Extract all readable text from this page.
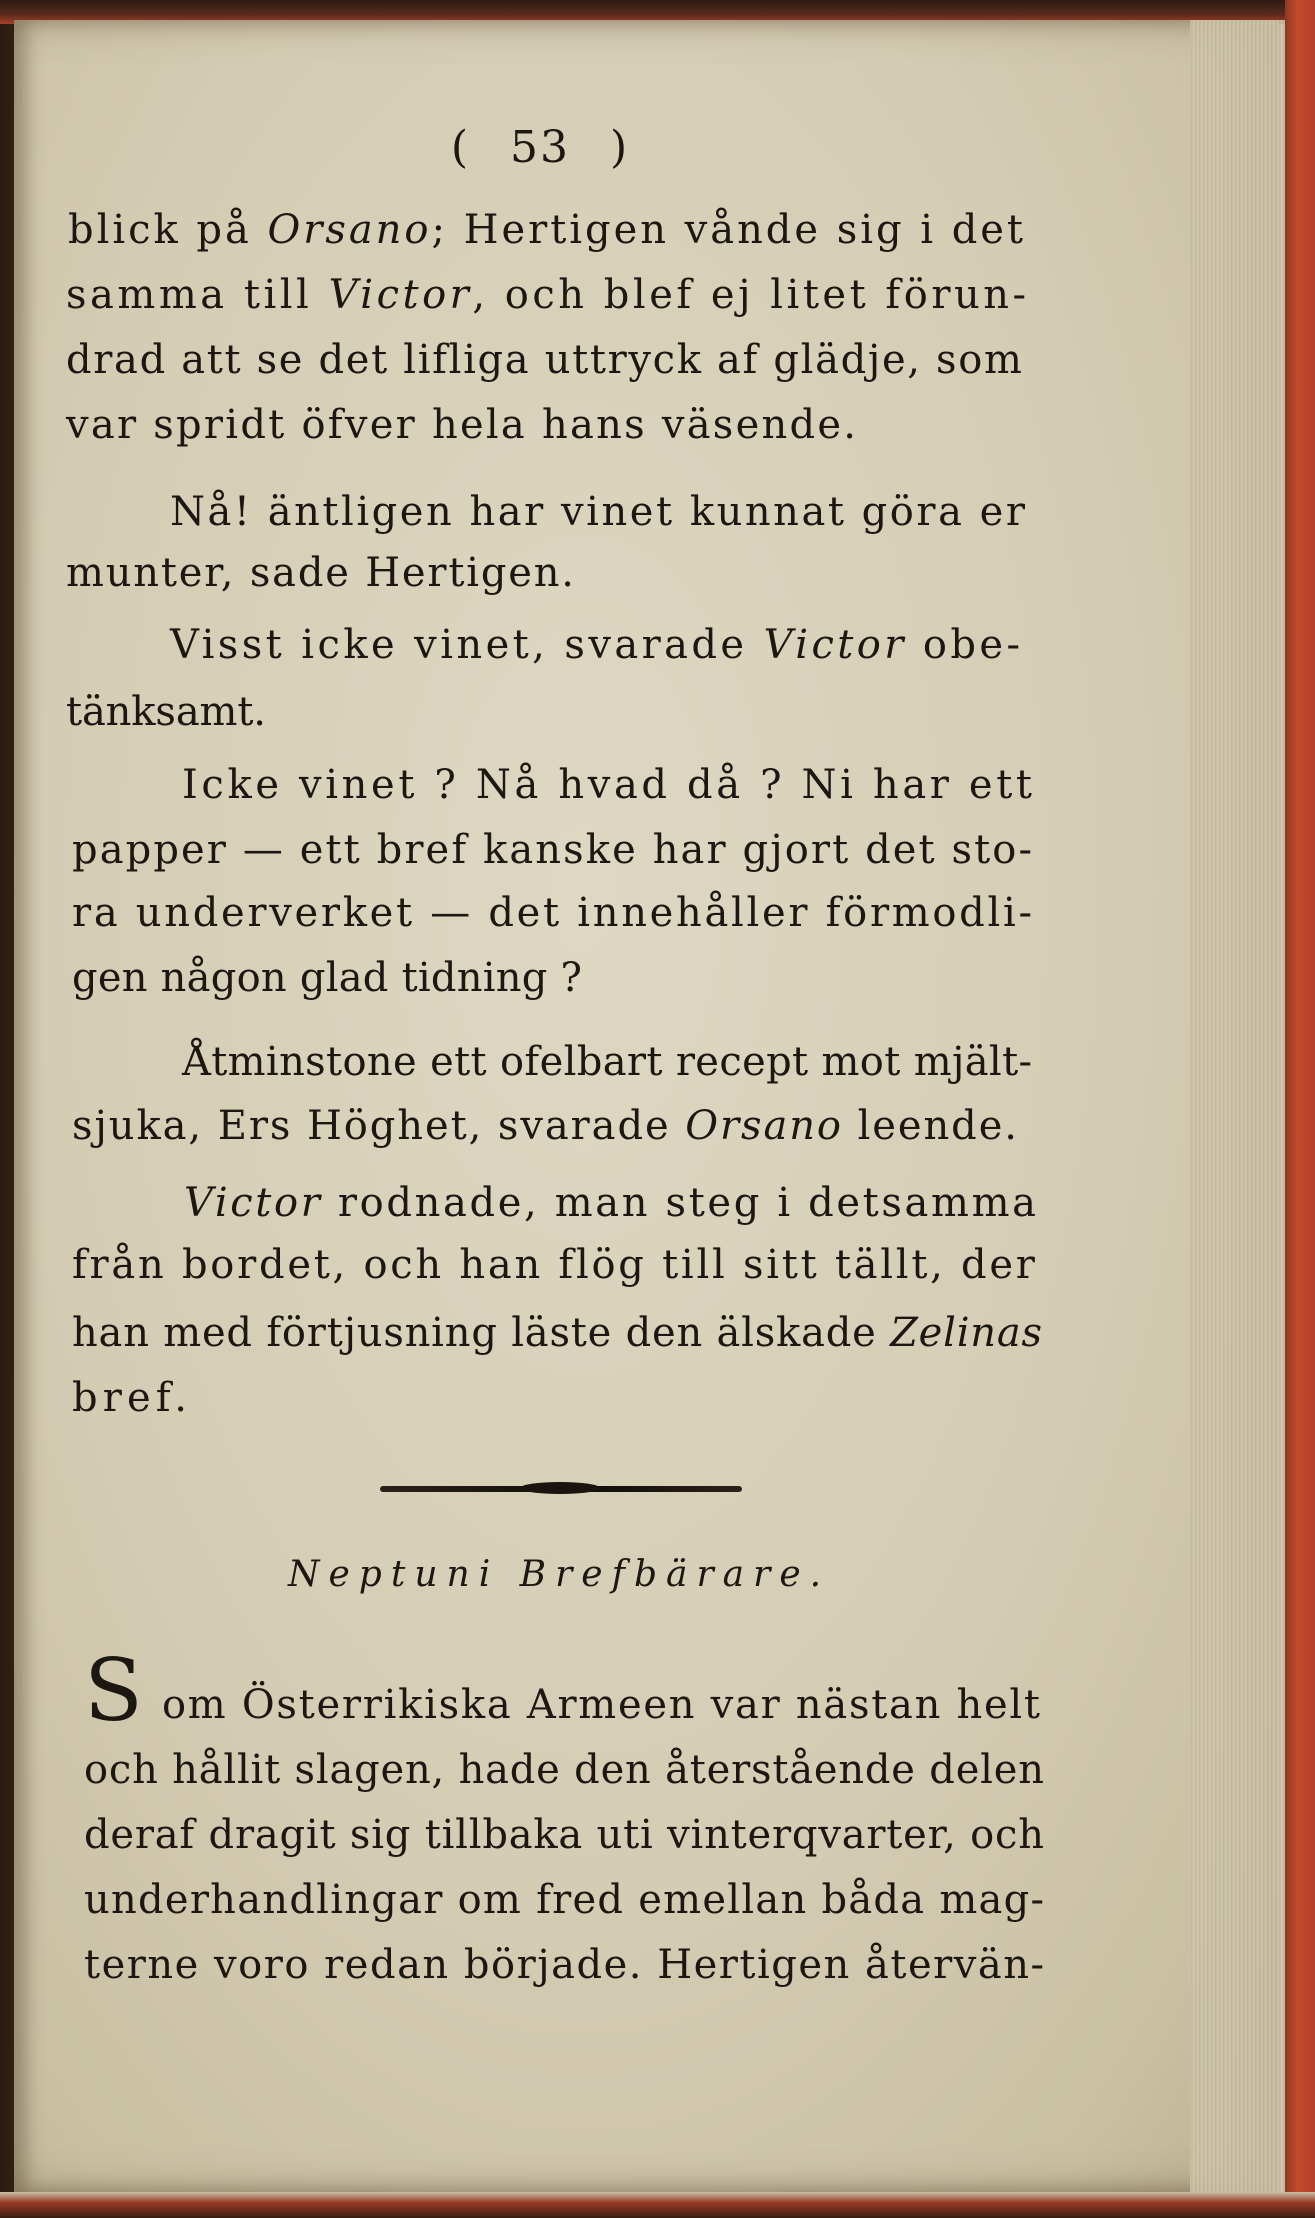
( 53 )
blick på Orsano; Hertigen vånde sig i det
samma till Victor, och blef ej litet förun-
drad att se det lifliga uttryck af glädje, som
var spridt öfver hela hans väsende.
Nå! äntligen har vinet kunnat göra er
munter, sade Hertigen.
Visst icke vinet, svarade Victor obe-
tänksamt.
Icke vinet ? Nå hvad då ? Ni har ett
papper — ett bref kanske har gjort det sto-
ra underverket — det innehåller förmodli-
gen någon glad tidning ?
Åtminstone ett ofelbart recept mot mjält-
sjuka, Ers Höghet, svarade Orsano leende.
Victor rodnade, man steg i detsamma
från bordet, och han flög till sitt tällt, der
han med förtjusning läste den älskade Zelinas
bref.
Neptuni Brefbärare.
S om Österrikiska Armeen var nästan helt
och hållit slagen, hade den återstående delen
deraf dragit sig tillbaka uti vinterqvarter, och
underhandlingar om fred emellan båda mag-
terne voro redan började. Hertigen återvän-
